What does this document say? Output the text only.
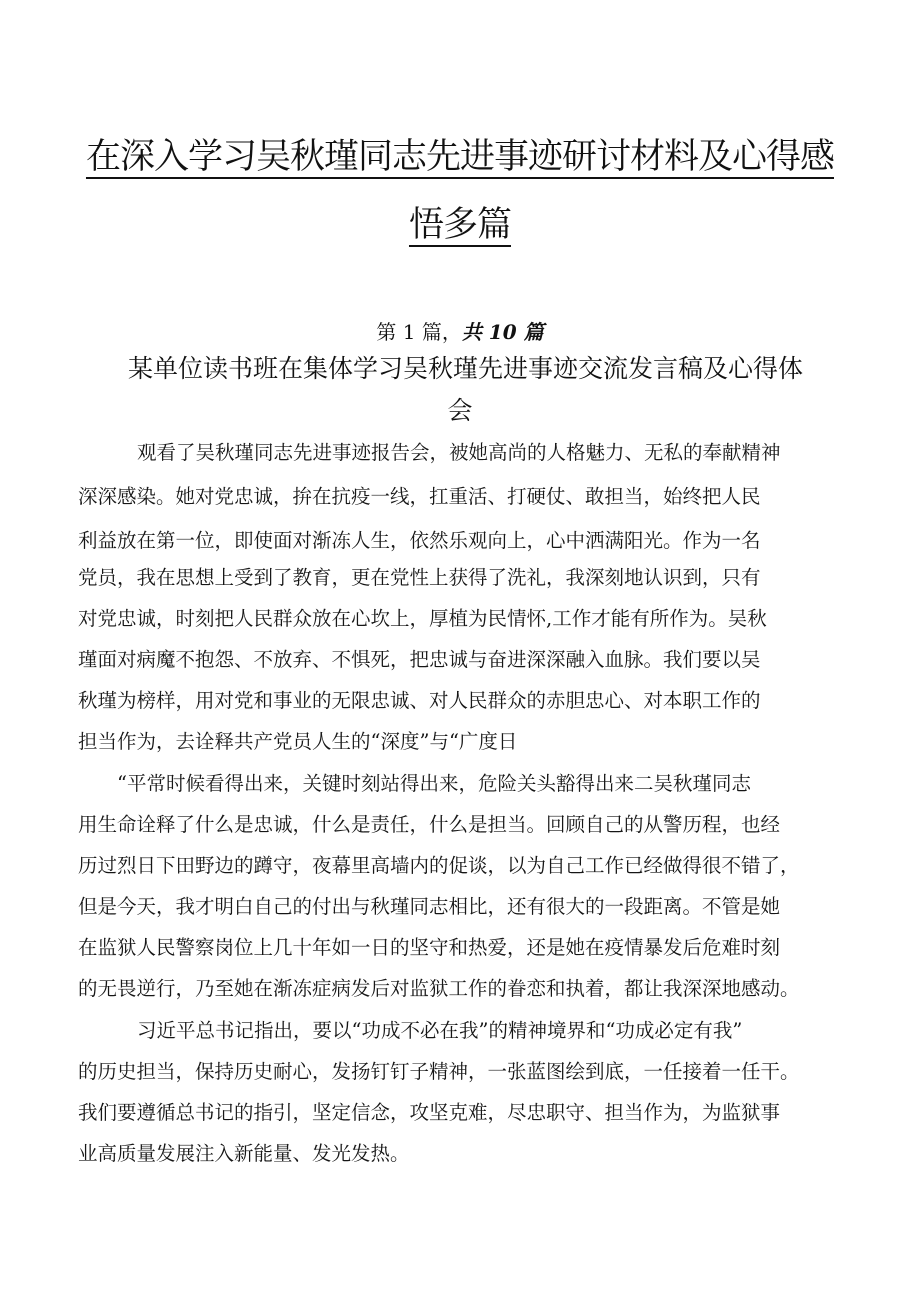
在深入学习吴秋瑾同志先进事迹研讨材料及心得感
悟多篇
第 1 篇，共 10 篇
某单位读书班在集体学习吴秋瑾先进事迹交流发言稿及心得体
会
观看了吴秋瑾同志先进事迹报告会，被她高尚的人格魅力、无私的奉献精神
深深感染。她对党忠诚，拚在抗疫一线，扛重活、打硬仗、敢担当，始终把人民
利益放在第一位，即使面对渐冻人生，依然乐观向上，心中洒满阳光。作为一名
党员，我在思想上受到了教育，更在党性上获得了洗礼，我深刻地认识到，只有
对党忠诚，时刻把人民群众放在心坎上，厚植为民情怀,工作才能有所作为。吴秋
瑾面对病魔不抱怨、不放弃、不惧死，把忠诚与奋进深深融入血脉。我们要以吴
秋瑾为榜样，用对党和事业的无限忠诚、对人民群众的赤胆忠心、对本职工作的
担当作为，去诠释共产党员人生的“深度”与“广度日
“平常时候看得出来，关键时刻站得出来，危险关头豁得出来二吴秋瑾同志
用生命诠释了什么是忠诚，什么是责任，什么是担当。回顾自己的从警历程，也经
历过烈日下田野边的蹲守，夜幕里高墙内的促谈，以为自己工作已经做得很不错了，
但是今天，我才明白自己的付出与秋瑾同志相比，还有很大的一段距离。不管是她
在监狱人民警察岗位上几十年如一日的坚守和热爱，还是她在疫情暴发后危难时刻
的无畏逆行，乃至她在渐冻症病发后对监狱工作的眷恋和执着，都让我深深地感动。
习近平总书记指出，要以“功成不必在我”的精神境界和“功成必定有我”
的历史担当，保持历史耐心，发扬钉钉子精神，一张蓝图绘到底，一任接着一任干。
我们要遵循总书记的指引，坚定信念，攻坚克难，尽忠职守、担当作为，为监狱事
业高质量发展注入新能量、发光发热。
